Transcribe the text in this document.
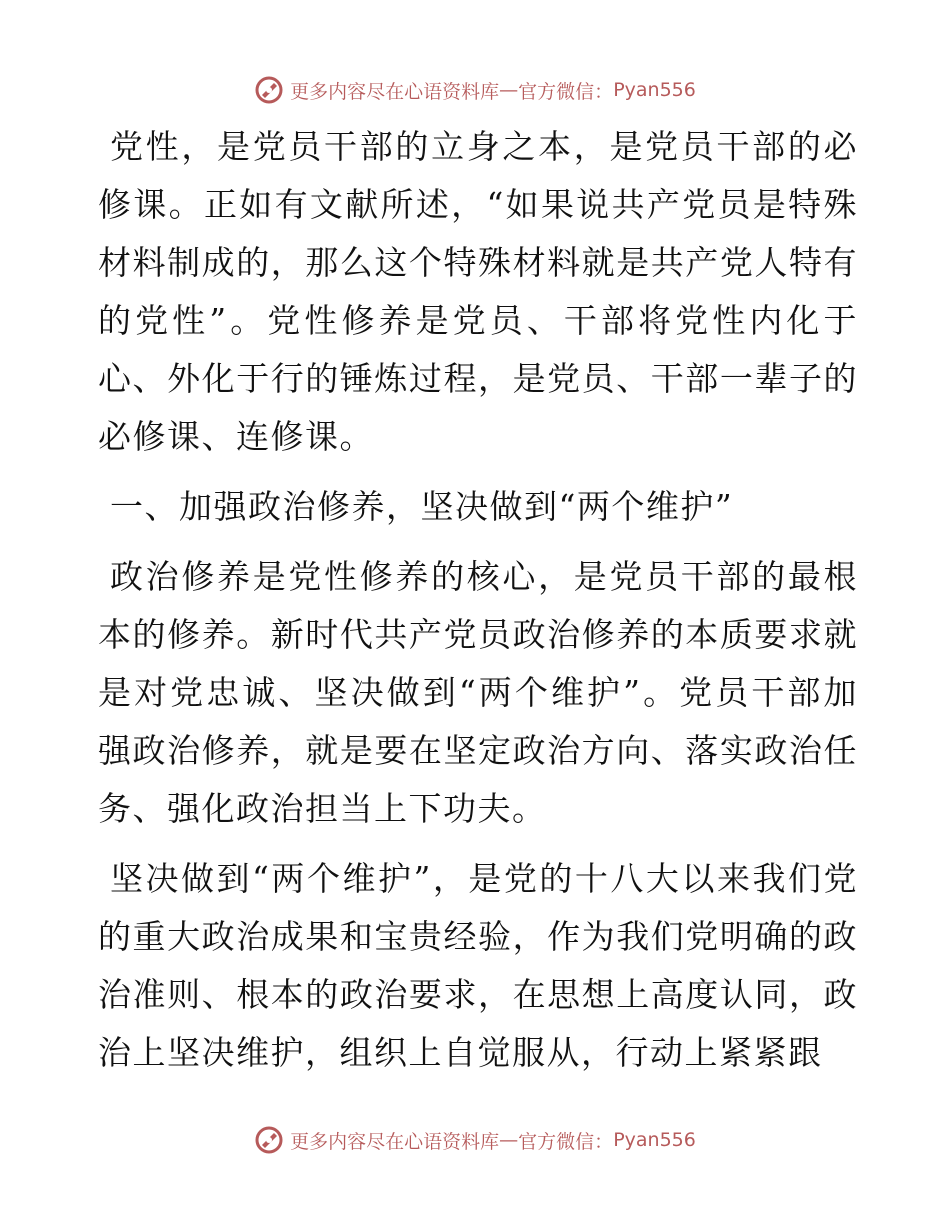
更多内容尽在心语资料库 — 官方微信： Pyan556

党性，是党员干部的立身之本，是党员干部的必修课。正如有文献所述，“如果说共产党员是特殊材料制成的，那么这个特殊材料就是共产党人特有的党性”。党性修养是党员、干部将党性内化于心、外化于行的锤炼过程，是党员、干部一辈子的必修课、连修课。

一、加强政治修养，坚决做到“两个维护”

政治修养是党性修养的核心，是党员干部的最根本的修养。新时代共产党员政治修养的本质要求就是对党忠诚、坚决做到“两个维护”。党员干部加强政治修养，就是要在坚定政治方向、落实政治任务、强化政治担当上下功夫。

坚决做到“两个维护”，是党的十八大以来我们党的重大政治成果和宝贵经验，作为我们党明确的政治准则、根本的政治要求，在思想上高度认同，政治上坚决维护，组织上自觉服从，行动上紧紧跟

更多内容尽在心语资料库 — 官方微信： Pyan556
